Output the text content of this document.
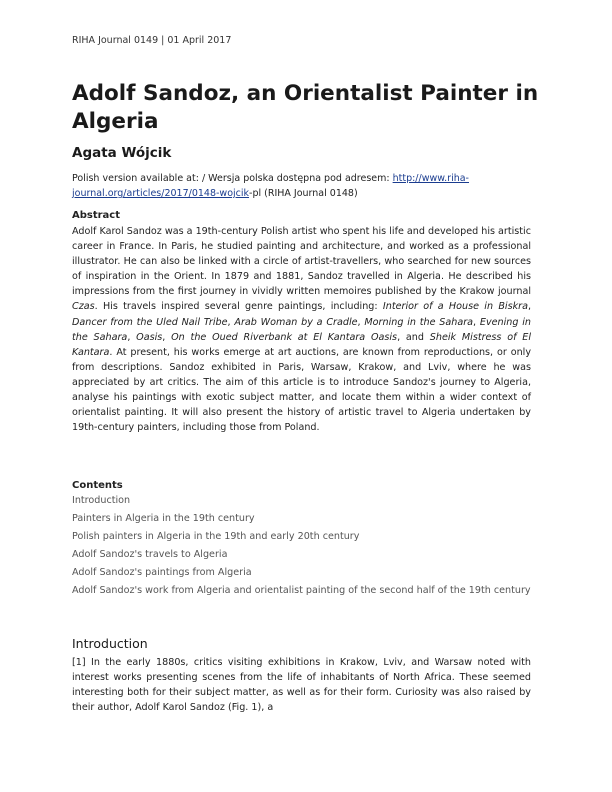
RIHA Journal 0149 | 01 April 2017
Adolf Sandoz, an Orientalist Painter in Algeria
Agata Wójcik
Polish version available at: / Wersja polska dostępna pod adresem: http://www.riha-journal.org/articles/2017/0148-wojcik-pl (RIHA Journal 0148)
Abstract

Adolf Karol Sandoz was a 19th-century Polish artist who spent his life and developed his artistic career in France. In Paris, he studied painting and architecture, and worked as a professional illustrator. He can also be linked with a circle of artist-travellers, who searched for new sources of inspiration in the Orient. In 1879 and 1881, Sandoz travelled in Algeria. He described his impressions from the first journey in vividly written memoires published by the Krakow journal Czas. His travels inspired several genre paintings, including: Interior of a House in Biskra, Dancer from the Uled Nail Tribe, Arab Woman by a Cradle, Morning in the Sahara, Evening in the Sahara, Oasis, On the Oued Riverbank at El Kantara Oasis, and Sheik Mistress of El Kantara. At present, his works emerge at art auctions, are known from reproductions, or only from descriptions. Sandoz exhibited in Paris, Warsaw, Krakow, and Lviv, where he was appreciated by art critics. The aim of this article is to introduce Sandoz's journey to Algeria, analyse his paintings with exotic subject matter, and locate them within a wider context of orientalist painting. It will also present the history of artistic travel to Algeria undertaken by 19th-century painters, including those from Poland.

Contents
Introduction
Painters in Algeria in the 19th century
Polish painters in Algeria in the 19th and early 20th century
Adolf Sandoz's travels to Algeria
Adolf Sandoz's paintings from Algeria
Adolf Sandoz's work from Algeria and orientalist painting of the second half of the 19th century
Introduction

[1] In the early 1880s, critics visiting exhibitions in Krakow, Lviv, and Warsaw noted with interest works presenting scenes from the life of inhabitants of North Africa. These seemed interesting both for their subject matter, as well as for their form. Curiosity was also raised by their author, Adolf Karol Sandoz (Fig. 1), a
